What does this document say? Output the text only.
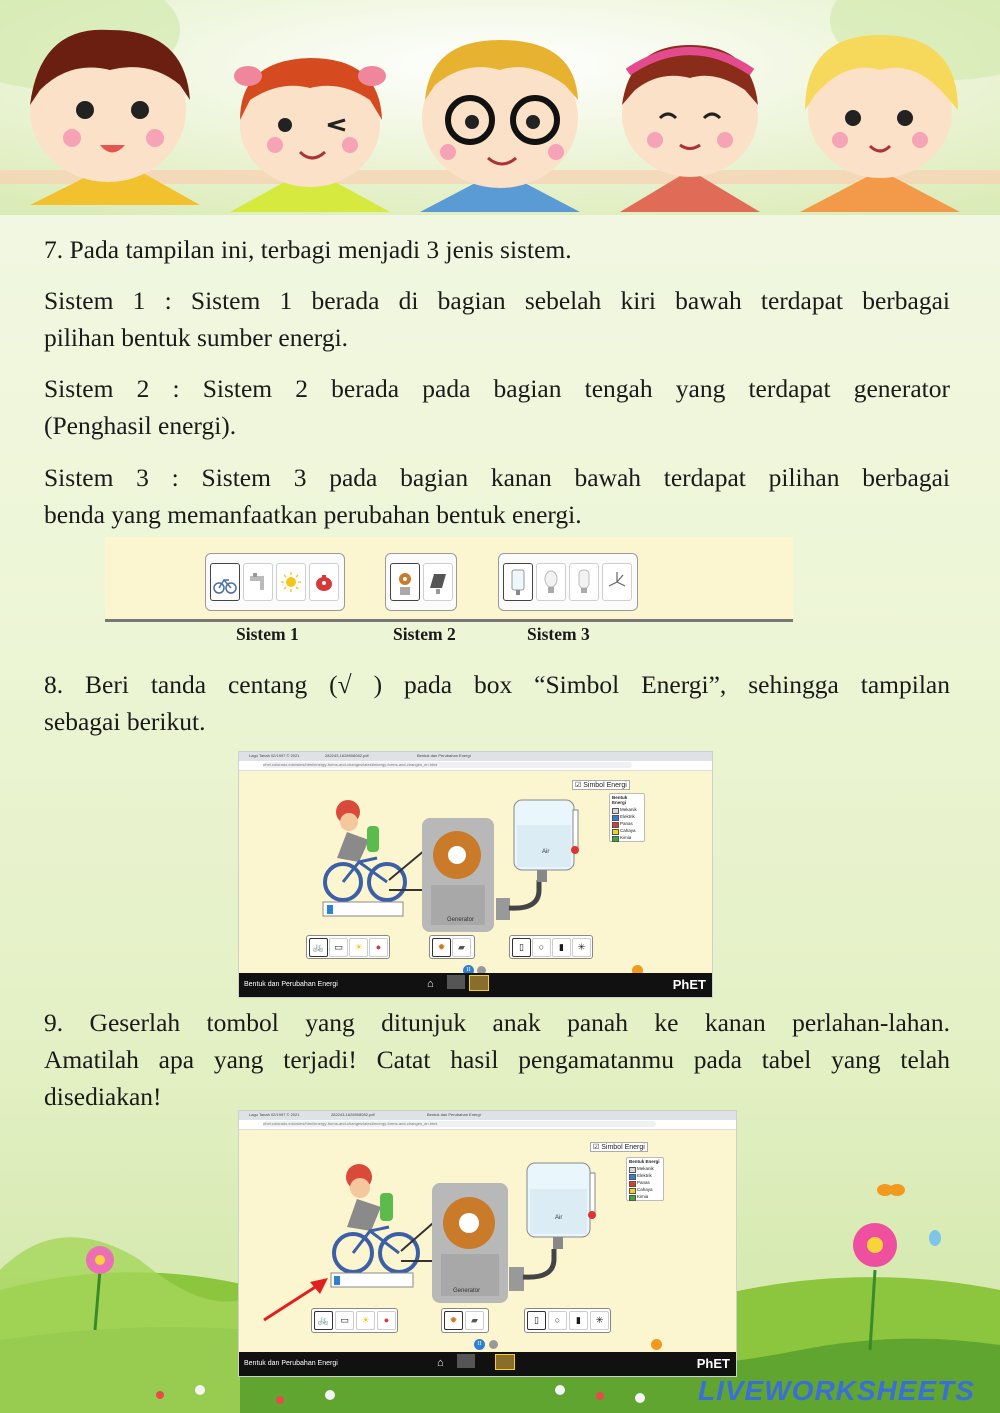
7. Pada tampilan ini, terbagi menjadi 3 jenis sistem.
Sistem 1 : Sistem 1 berada di bagian sebelah kiri bawah terdapat berbagai
pilihan bentuk sumber energi.
Sistem 2 : Sistem 2 berada pada bagian tengah yang terdapat generator
(Penghasil energi).
Sistem 3 : Sistem 3 pada bagian kanan bawah terdapat pilihan berbagai
benda yang memanfaatkan perubahan bentuk energi.
Sistem 1	Sistem 2	Sistem 3
8. Beri tanda centang (√ ) pada box “Simbol Energi”, sehingga tampilan
sebagai berikut.
Lagu Tanah 02/1997 © 2021	282243-1628908082.pdf	Bentuk dan Perubahan Energi
phet.colorado.edu/sims/html/energy-forms-and-changes/latest/energy-forms-and-changes_en.html
☑ Simbol Energi
Bentuk Energi
Mekanik
Elektrik
Panas
Cahaya
Kimia
Air
Generator
🚲	▭	☀	●	✹	▰	▯	○	▮	✳
II
Bentuk dan Perubahan Energi	⌂	PhET
9. Geserlah tombol yang ditunjuk anak panah ke kanan perlahan-lahan.
Amatilah apa yang terjadi! Catat hasil pengamatanmu pada tabel yang telah
disediakan!
Lagu Tanah 02/1997 © 2021	282243-1628908082.pdf	Bentuk dan Perubahan Energi
phet.colorado.edu/sims/html/energy-forms-and-changes/latest/energy-forms-and-changes_en.html
☑ Simbol Energi
Bentuk Energi
Mekanik
Elektrik
Panas
Cahaya
Kimia
Air
Generator
🚲	▭	☀	●	✹	▰	▯	○	▮	✳
II
Bentuk dan Perubahan Energi	⌂	PhET
LIVEWORKSHEETS
